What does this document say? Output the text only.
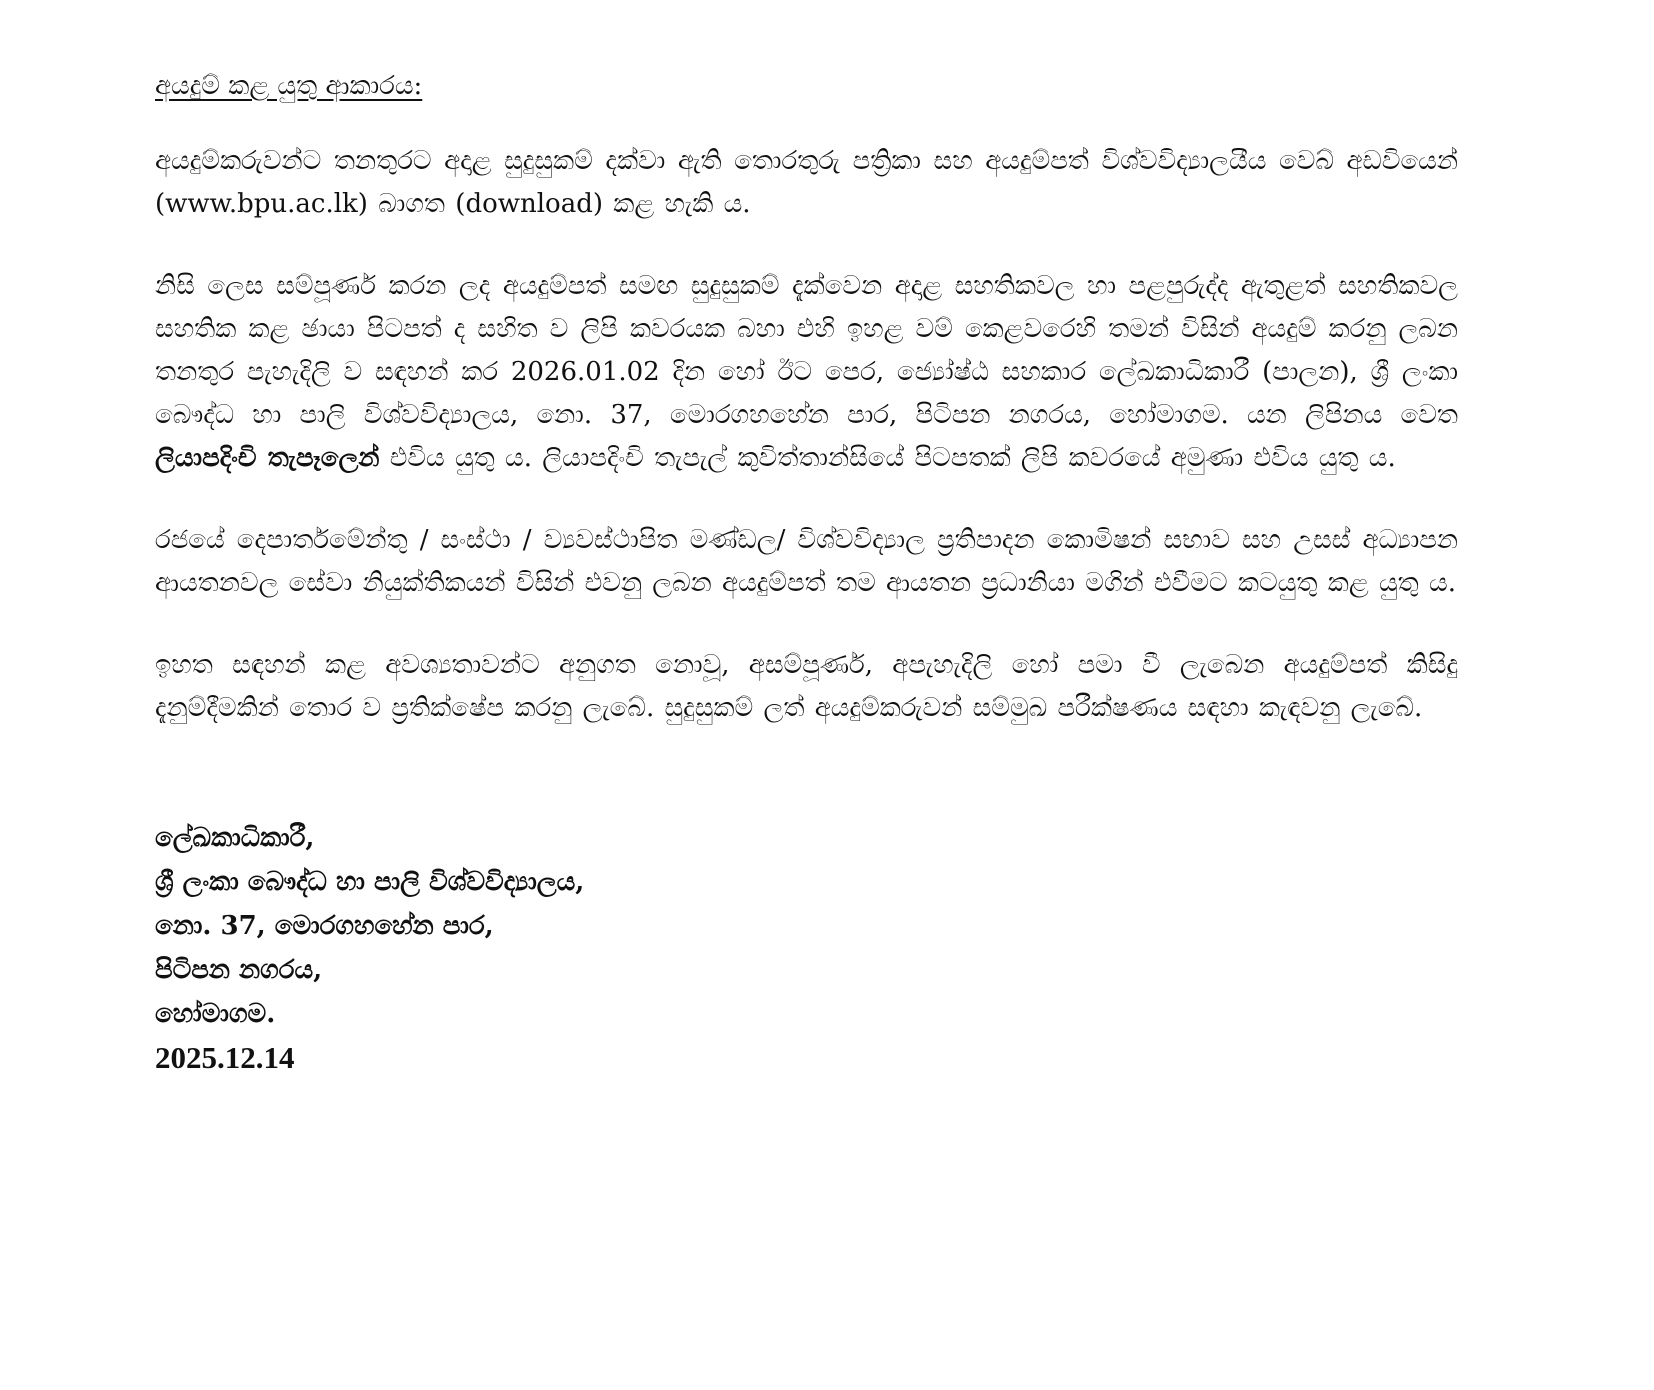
අයදුම් කළ යුතු ආකාරය:

අයදුම්කරුවන්ට තනතුරට අදාළ සුදුසුකම් දක්වා ඇති තොරතුරු පත්‍රිකා සහ අයදුම්පත් විශ්වවිද්‍යාලයීය වෙබ් අඩවියෙන් (www.bpu.ac.lk) බාගත (download) කළ හැකි ය.

නිසි ලෙස සම්පූර්ණ කරන ලද අයදුම්පත් සමඟ සුදුසුකම් දැක්වෙන අදාළ සහතිකවල හා පළපුරුද්ද ඇතුළත් සහතිකවල සහතික කළ ඡායා පිටපත් ද සහිත ව ලිපි කවරයක බහා එහි ඉහළ වම් කෙළවරෙහි තමන් විසින් අයදුම් කරනු ලබන තනතුර පැහැදිලි ව සඳහන් කර 2026.01.02 දින හෝ ඊට පෙර, ජ්‍යෝෂ්ඨ සහකාර ලේඛකාධිකාරී (පාලන), ශ්‍රී ලංකා බෞද්ධ හා පාලි විශ්වවිද්‍යාලය, නො. 37, මොරගහහේන පාර, පිටිපන නගරය, හෝමාගම. යන ලිපිනය වෙත ලියාපදිංචි තැපෑලෙන් එවිය යුතු ය. ලියාපදිංචි තැපැල් කුවිත්තාන්සියේ පිටපතක් ලිපි කවරයේ අමුණා එවිය යුතු ය.

රජයේ දෙපාර්තමේන්තු / සංස්ථා / ව්‍යවස්ථාපිත මණ්ඩල/ විශ්වවිද්‍යාල ප්‍රතිපාදන කොමිෂන් සභාව සහ උසස් අධ්‍යාපන ආයතනවල සේවා නියුක්තිකයන් විසින් එවනු ලබන අයදුම්පත් තම ආයතන ප්‍රධානියා මගින් එවීමට කටයුතු කළ යුතු ය.

ඉහත සඳහන් කළ අවශ්‍යතාවන්ට අනුගත නොවූ, අසම්පූර්ණ, අපැහැදිලි හෝ පමා වී ලැබෙන අයදුම්පත් කිසිදු දැනුම්දීමකින් තොර ව ප්‍රතික්ෂේප කරනු ලැබේ. සුදුසුකම් ලත් අයදුම්කරුවන් සම්මුඛ පරීක්ෂණය සඳහා කැඳවනු ලැබේ.

ලේඛකාධිකාරී,
ශ්‍රී ලංකා බෞද්ධ හා පාලි විශ්වවිද්‍යාලය,
නො. 37, මොරගහහේන පාර,
පිටිපන නගරය,
හෝමාගම.
2025.12.14
